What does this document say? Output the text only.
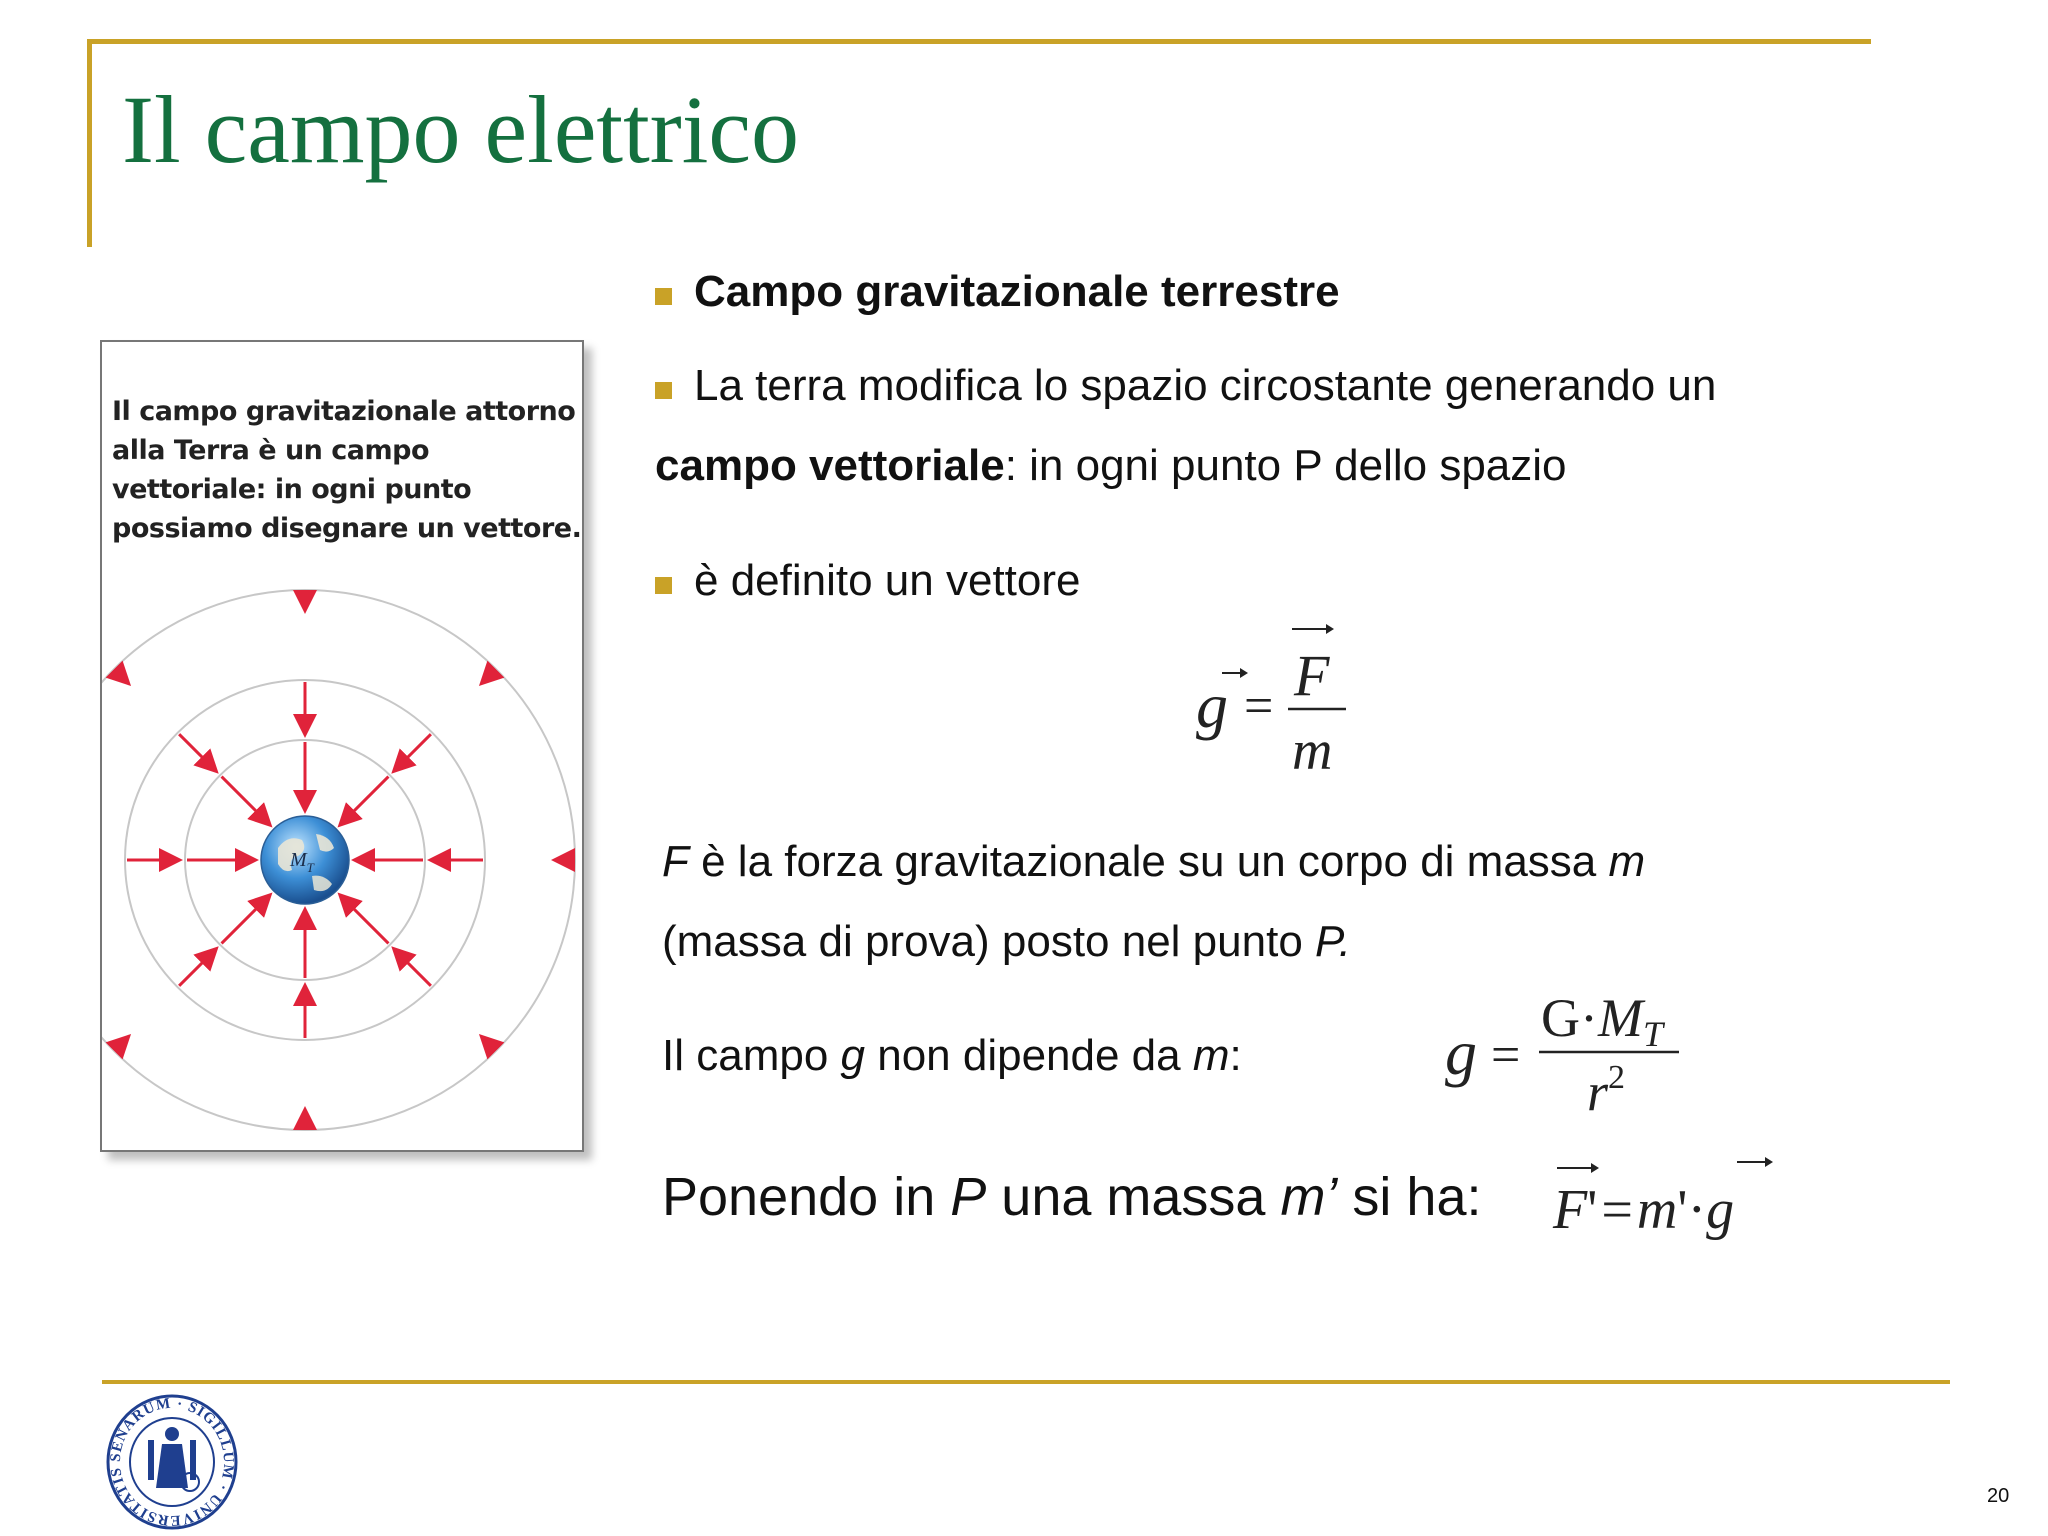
Il campo elettrico
Il campo gravitazionale attorno alla Terra è un campo vettoriale: in ogni punto possiamo disegnare un vettore.
$M_T$
Campo gravitazionale terrestre
La terra modifica lo spazio circostante generando un
campo vettoriale: in ogni punto P dello spazio
è definito un vettore
g = F
m
F è la forza gravitazionale su un corpo di massa m
(massa di prova) posto nel punto P.
Il campo g non dipende da m:	g =
G·MT
$r^2$
Ponendo in P una massa m’ si ha: F'=m'·g
SENARUM · SIGILLUM · UNIVERSITATIS
20
